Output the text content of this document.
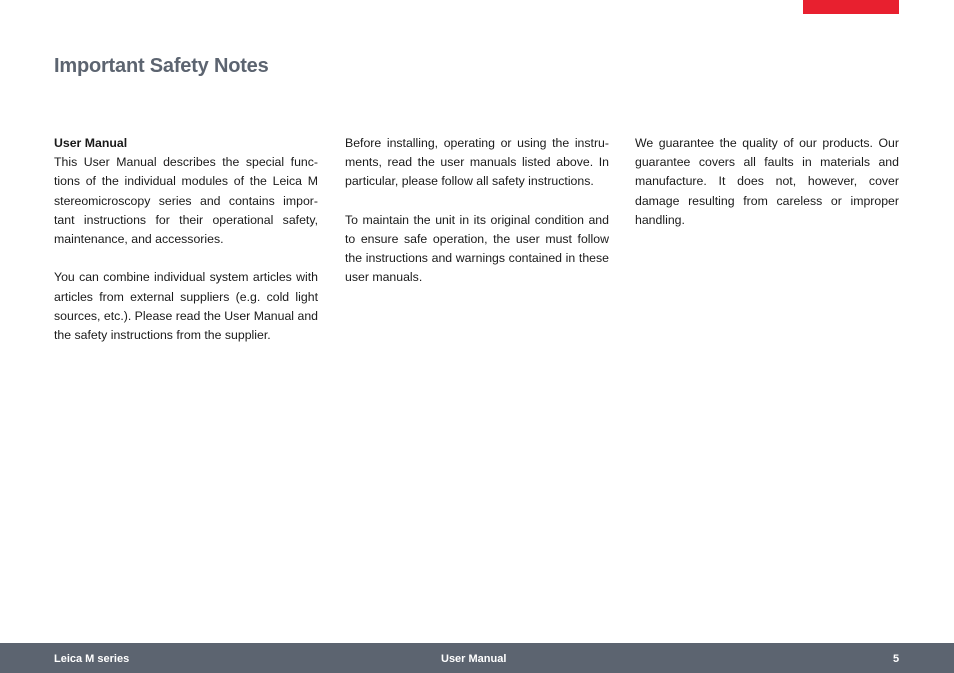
Important Safety Notes
User Manual

This User Manual describes the special func-tions of the individual modules of the Leica M stereomicroscopy series and contains impor-tant instructions for their operational safety, maintenance, and accessories.

You can combine individual system articles with articles from external suppliers (e.g. cold light sources, etc.). Please read the User Manual and the safety instructions from the supplier.

Before installing, operating or using the instru-ments, read the user manuals listed above. In particular, please follow all safety instructions.

To maintain the unit in its original condition and to ensure safe operation, the user must follow the instructions and warnings contained in these user manuals.

We guarantee the quality of our products. Our guarantee covers all faults in materials and manufacture. It does not, however, cover damage resulting from careless or improper handling.

Leica M series	User Manual	5
